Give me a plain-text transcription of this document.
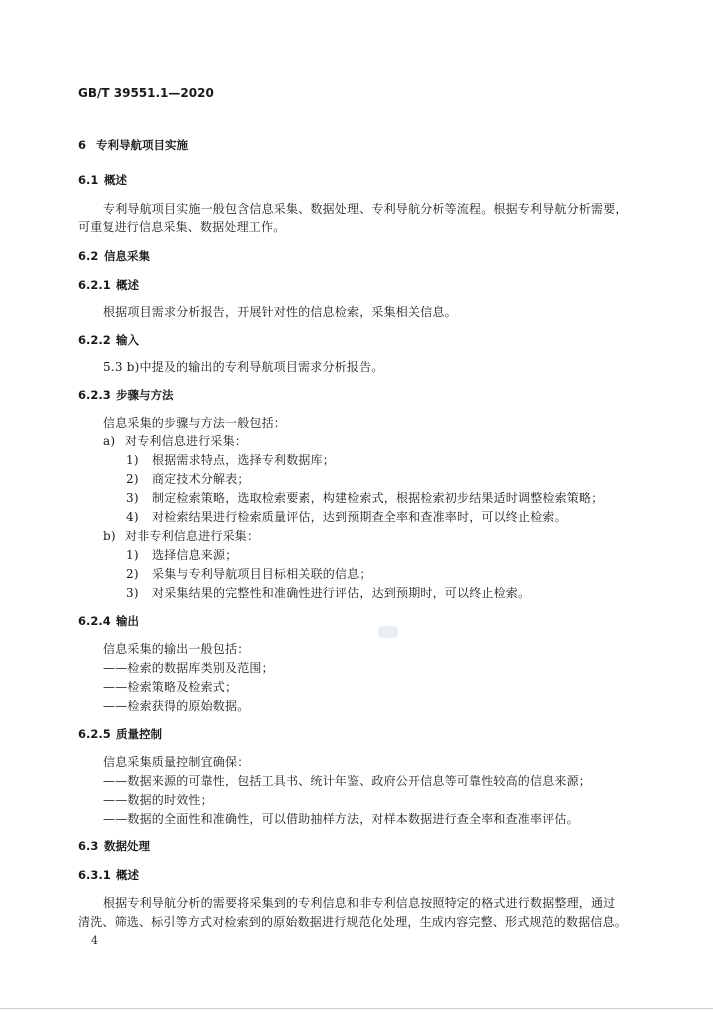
GB/T 39551.1—2020
6 专利导航项目实施
6.1 概述
专利导航项目实施一般包含信息采集、数据处理、专利导航分析等流程。根据专利导航分析需要，
可重复进行信息采集、数据处理工作。
6.2 信息采集
6.2.1 概述
根据项目需求分析报告，开展针对性的信息检索，采集相关信息。
6.2.2 输入
5.3 b)中提及的输出的专利导航项目需求分析报告。
6.2.3 步骤与方法
信息采集的步骤与方法一般包括：
a) 对专利信息进行采集：
1) 根据需求特点，选择专利数据库；
2) 商定技术分解表；
3) 制定检索策略，选取检索要素，构建检索式，根据检索初步结果适时调整检索策略；
4) 对检索结果进行检索质量评估，达到预期查全率和查准率时，可以终止检索。
b) 对非专利信息进行采集：
1) 选择信息来源；
2) 采集与专利导航项目目标相关联的信息；
3) 对采集结果的完整性和准确性进行评估，达到预期时，可以终止检索。
6.2.4 输出
信息采集的输出一般包括：
——检索的数据库类别及范围；
——检索策略及检索式；
——检索获得的原始数据。
6.2.5 质量控制
信息采集质量控制宜确保：
——数据来源的可靠性，包括工具书、统计年鉴、政府公开信息等可靠性较高的信息来源；
——数据的时效性；
——数据的全面性和准确性，可以借助抽样方法，对样本数据进行查全率和查准率评估。
6.3 数据处理
6.3.1 概述
根据专利导航分析的需要将采集到的专利信息和非专利信息按照特定的格式进行数据整理，通过
清洗、筛选、标引等方式对检索到的原始数据进行规范化处理，生成内容完整、形式规范的数据信息。
4
